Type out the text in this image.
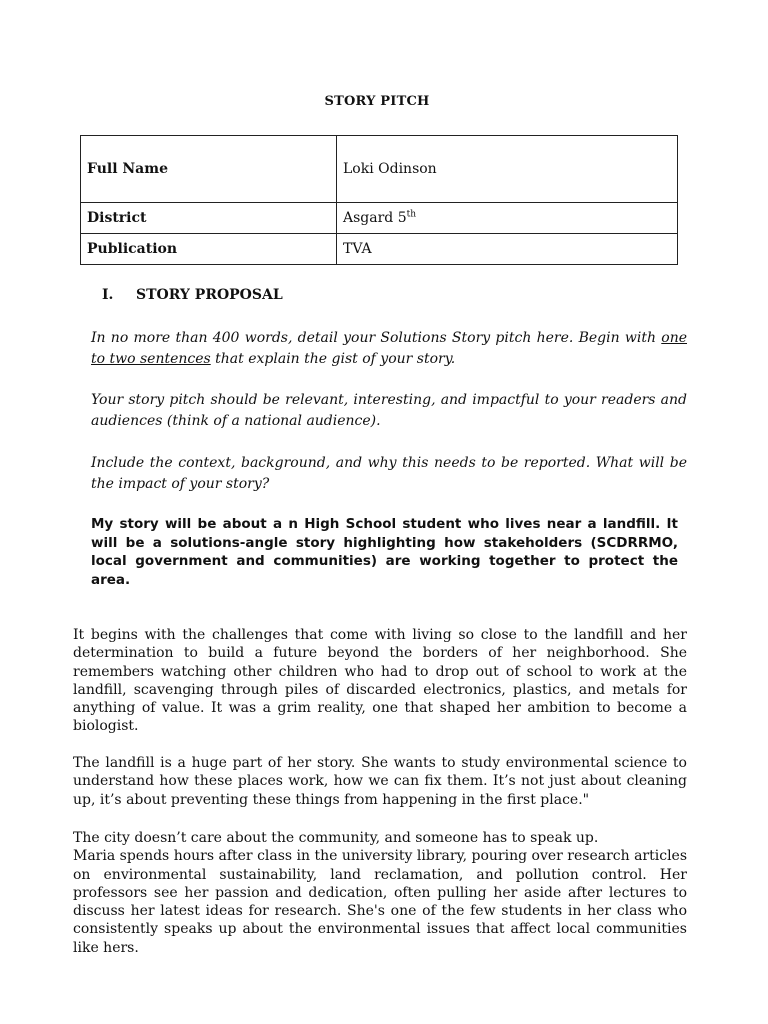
STORY PITCH
Full Name	Loki Odinson
District	Asgard 5th
Publication	TVA
I. STORY PROPOSAL

In no more than 400 words, detail your Solutions Story pitch here. Begin with one to two sentences that explain the gist of your story.

Your story pitch should be relevant, interesting, and impactful to your readers and audiences (think of a national audience).

Include the context, background, and why this needs to be reported. What will be the impact of your story?

My story will be about a n High School student who lives near a landfill. It will be a solutions-angle story highlighting how stakeholders (SCDRRMO, local government and communities) are working together to protect the area.

It begins with the challenges that come with living so close to the landfill and her determination to build a future beyond the borders of her neighborhood. She remembers watching other children who had to drop out of school to work at the landfill, scavenging through piles of discarded electronics, plastics, and metals for anything of value. It was a grim reality, one that shaped her ambition to become a biologist.

The landfill is a huge part of her story. She wants to study environmental science to understand how these places work, how we can fix them. It’s not just about cleaning up, it’s about preventing these things from happening in the first place."

The city doesn’t care about the community, and someone has to speak up.
Maria spends hours after class in the university library, pouring over research articles on environmental sustainability, land reclamation, and pollution control. Her professors see her passion and dedication, often pulling her aside after lectures to discuss her latest ideas for research. She's one of the few students in her class who consistently speaks up about the environmental issues that affect local communities like hers.
